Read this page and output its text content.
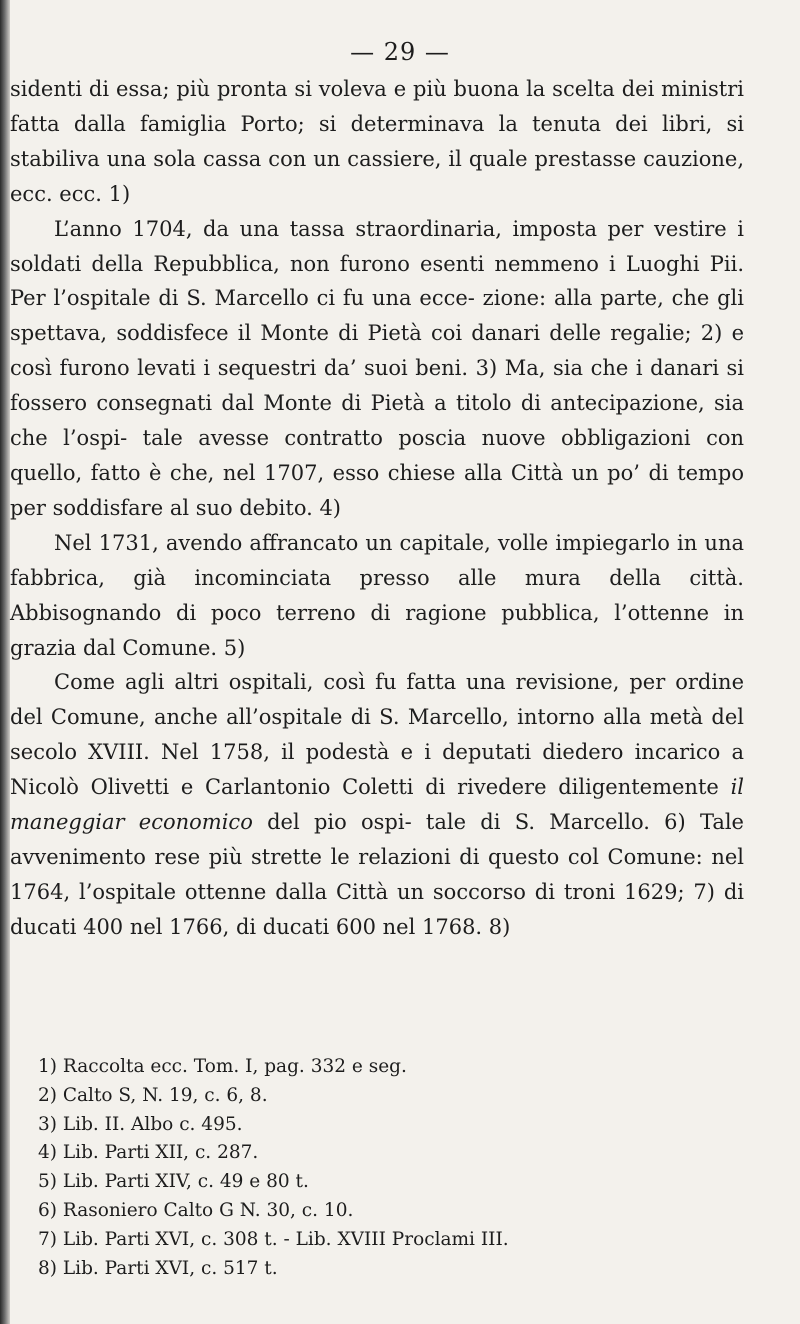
— 29 —

sidenti di essa; più pronta si voleva e più buona la scelta dei ministri fatta dalla famiglia Porto; si determinava la tenuta dei libri, si stabiliva una sola cassa con un cassiere, il quale prestasse cauzione, ecc. ecc. 1)

L’anno 1704, da una tassa straordinaria, imposta per vestire i soldati della Repubblica, non furono esenti nemmeno i Luoghi Pii. Per l’ospitale di S. Marcello ci fu una ecce- zione: alla parte, che gli spettava, soddisfece il Monte di Pietà coi danari delle regalie; 2) e così furono levati i sequestri da’ suoi beni. 3) Ma, sia che i danari si fossero consegnati dal Monte di Pietà a titolo di antecipazione, sia che l’ospi- tale avesse contratto poscia nuove obbligazioni con quello, fatto è che, nel 1707, esso chiese alla Città un po’ di tempo per soddisfare al suo debito. 4)

Nel 1731, avendo affrancato un capitale, volle impiegarlo in una fabbrica, già incominciata presso alle mura della città. Abbisognando di poco terreno di ragione pubblica, l’ottenne in grazia dal Comune. 5)

Come agli altri ospitali, così fu fatta una revisione, per ordine del Comune, anche all’ospitale di S. Marcello, intorno alla metà del secolo XVIII. Nel 1758, il podestà e i deputati diedero incarico a Nicolò Olivetti e Carlantonio Coletti di rivedere diligentemente il maneggiar economico del pio ospi- tale di S. Marcello. 6) Tale avvenimento rese più strette le relazioni di questo col Comune: nel 1764, l’ospitale ottenne dalla Città un soccorso di troni 1629; 7) di ducati 400 nel 1766, di ducati 600 nel 1768. 8)

1) Raccolta ecc. Tom. I, pag. 332 e seg.
2) Calto S, N. 19, c. 6, 8.
3) Lib. II. Albo c. 495.
4) Lib. Parti XII, c. 287.
5) Lib. Parti XIV, c. 49 e 80 t.
6) Rasoniero Calto G N. 30, c. 10.
7) Lib. Parti XVI, c. 308 t. - Lib. XVIII Proclami III.
8) Lib. Parti XVI, c. 517 t.
